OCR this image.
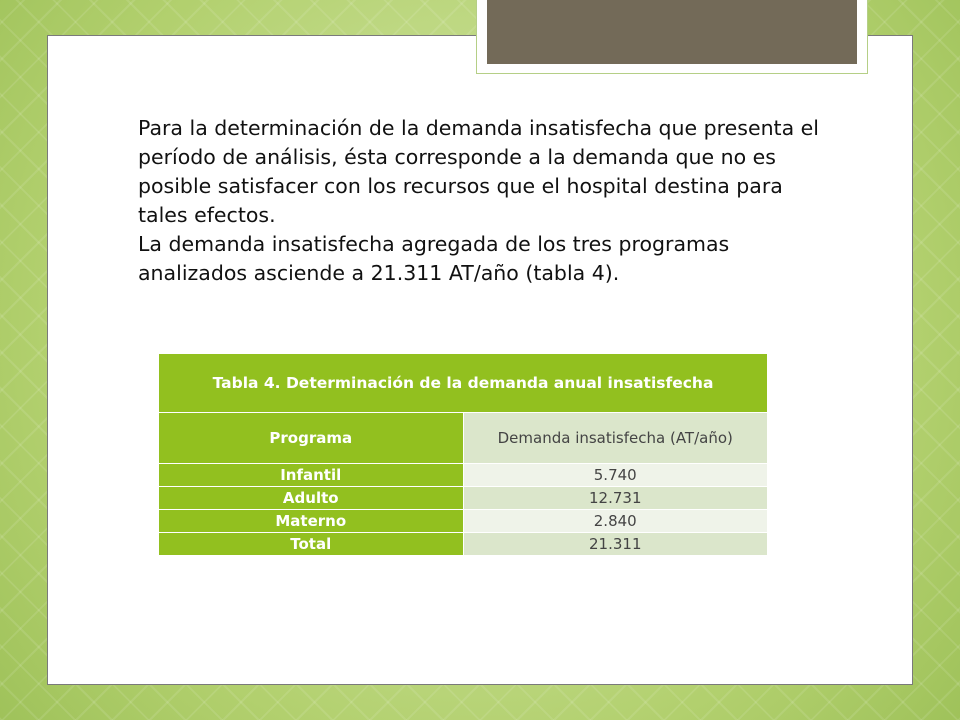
Para la determinación de la demanda insatisfecha que presenta el período de análisis, ésta corresponde a la demanda que no es posible satisfacer con los recursos que el hospital destina para tales efectos.

La demanda insatisfecha agregada de los tres programas analizados asciende a 21.311 AT/año (tabla 4).

Tabla 4. Determinación de la demanda anual insatisfecha	
Programa	Demanda insatisfecha (AT/año)
Infantil	5.740
Adulto	12.731
Materno	2.840
Total	21.311
